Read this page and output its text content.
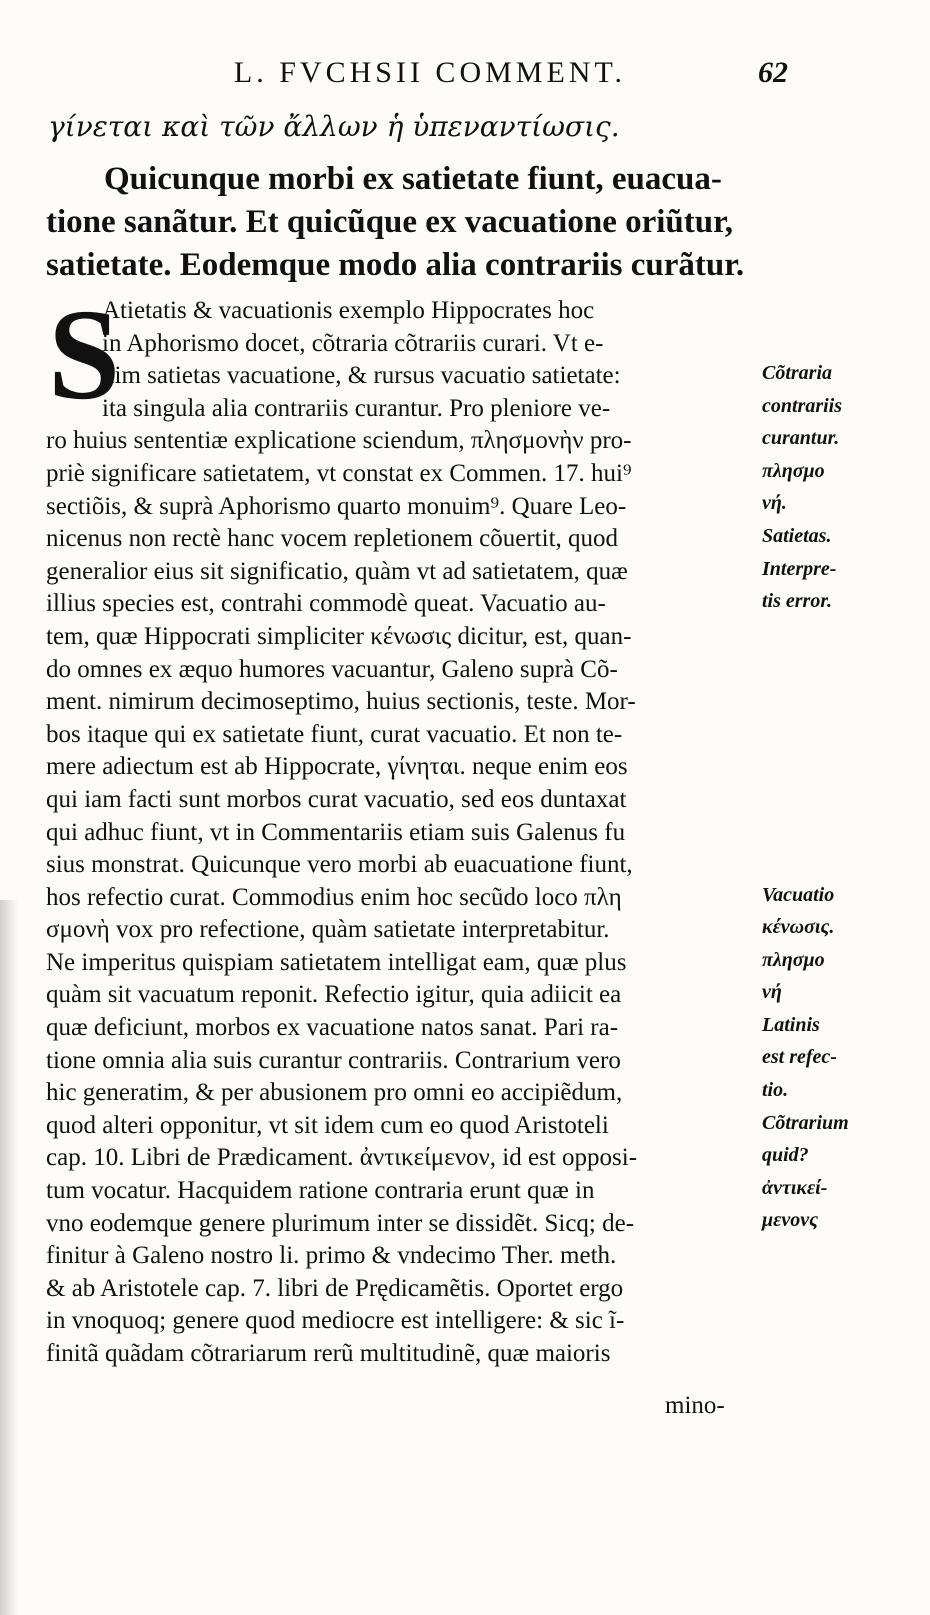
L. FVCHSII COMMENT.	62
γίνεται καὶ τῶν ἄλλων ἡ ὑπεναντίωσις.
Quicunque morbi ex satietate fiunt, euacua-
tione sanãtur. Et quicũque ex vacuatione oriũtur,
satietate. Eodemque modo alia contrariis curãtur.
S
Atietatis & vacuationis exemplo Hippocrates hoc
in Aphorismo docet, cõtraria cõtrariis curari. Vt e-
nim satietas vacuatione, & rursus vacuatio satietate:
ita singula alia contrariis curantur. Pro pleniore ve-
ro huius sententiæ explicatione sciendum, πλησμονὴν pro-
priè significare satietatem, vt constat ex Commen. 17. hui⁹
sectiõis, & suprà Aphorismo quarto monuim⁹. Quare Leo-
nicenus non rectè hanc vocem repletionem cõuertit, quod
generalior eius sit significatio, quàm vt ad satietatem, quæ
illius species est, contrahi commodè queat. Vacuatio au-
tem, quæ Hippocrati simpliciter κένωσις dicitur, est, quan-
do omnes ex æquo humores vacuantur, Galeno suprà Cõ-
ment. nimirum decimoseptimo, huius sectionis, teste. Mor-
bos itaque qui ex satietate fiunt, curat vacuatio. Et non te-
mere adiectum est ab Hippocrate, γίνηται. neque enim eos
qui iam facti sunt morbos curat vacuatio, sed eos duntaxat
qui adhuc fiunt, vt in Commentariis etiam suis Galenus fu
sius monstrat. Quicunque vero morbi ab euacuatione fiunt,
hos refectio curat. Commodius enim hoc secũdo loco πλη
σμονὴ vox pro refectione, quàm satietate interpretabitur.
Ne imperitus quispiam satietatem intelligat eam, quæ plus
quàm sit vacuatum reponit. Refectio igitur, quia adiicit ea
quæ deficiunt, morbos ex vacuatione natos sanat. Pari ra-
tione omnia alia suis curantur contrariis. Contrarium vero
hic generatim, & per abusionem pro omni eo accipiẽdum,
quod alteri opponitur, vt sit idem cum eo quod Aristoteli
cap. 10. Libri de Prædicament. ἀντικείμενον, id est opposi-
tum vocatur. Hacquidem ratione contraria erunt quæ in
vno eodemque genere plurimum inter se dissidẽt. Sicq; de-
finitur à Galeno nostro li. primo & vndecimo Ther. meth.
& ab Aristotele cap. 7. libri de Prędicamẽtis. Oportet ergo
in vnoquoq; genere quod mediocre est intelligere: & sic ĩ-
finitã quãdam cõtrariarum rerũ multitudinẽ, quæ maioris
Cõtraria
contrariis
curantur.
πλησμο
νή.
Satietas.
Interpre-
tis error.

Vacuatio
κένωσις.
πλησμο
νή
Latinis
est refec-
tio.
Cõtrarium
quid?
ἀντικεί-
μενονς
mino-
